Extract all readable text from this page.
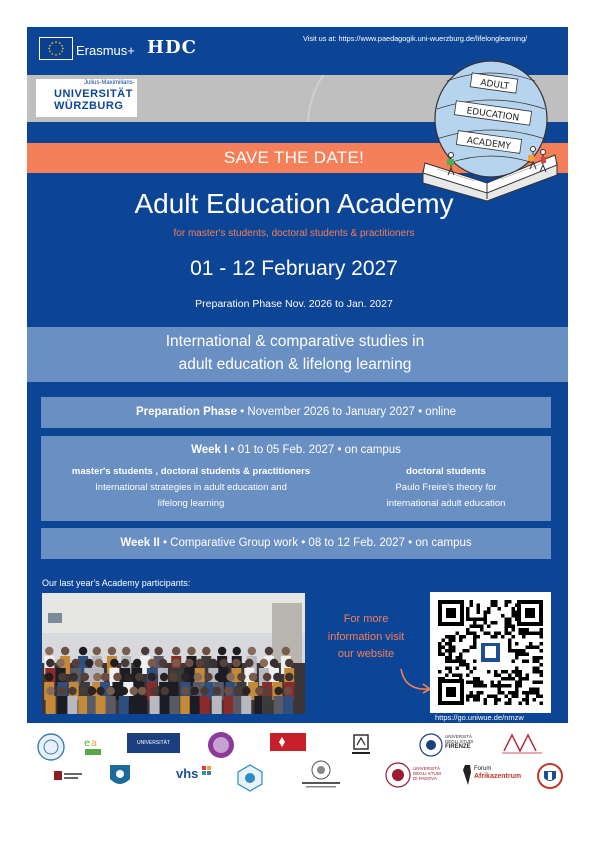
Erasmus+ HDC	Visit us at: https://www.paedagogik.uni-wuerzburg.de/lifelonglearning/
Julius-Maximilians-
UNIVERSITÄT
WÜRZBURG
SAVE THE DATE!
ADULT
EDUCATION
ACADEMY
Adult Education Academy
for master's students, doctoral students & practitioners
01 - 12 February 2027
Preparation Phase Nov. 2026 to Jan. 2027
International & comparative studies in
adult education & lifelong learning
Preparation Phase • November 2026 to January 2027 • online
Week I • 01 to 05 Feb. 2027 • on campus
master's students , doctoral students & practitioners
International strategies in adult education and
lifelong learning
doctoral students
Paulo Freire's theory for
international adult education
Week II • Comparative Group work • 08 to 12 Feb. 2027 • on campus
Our last year's Academy participants:
For more
information visit
our website
https://go.uniwue.de/nmzw
e a	UNIVERSITÄT DUISBURG ESSEN
UNIVERSITÀ
DEGLI STUDI
FIRENZE
vhs	UNIVERSITÀ
DEGLI STUDI
DI PADOVA
Forum
Afrikazentrum
